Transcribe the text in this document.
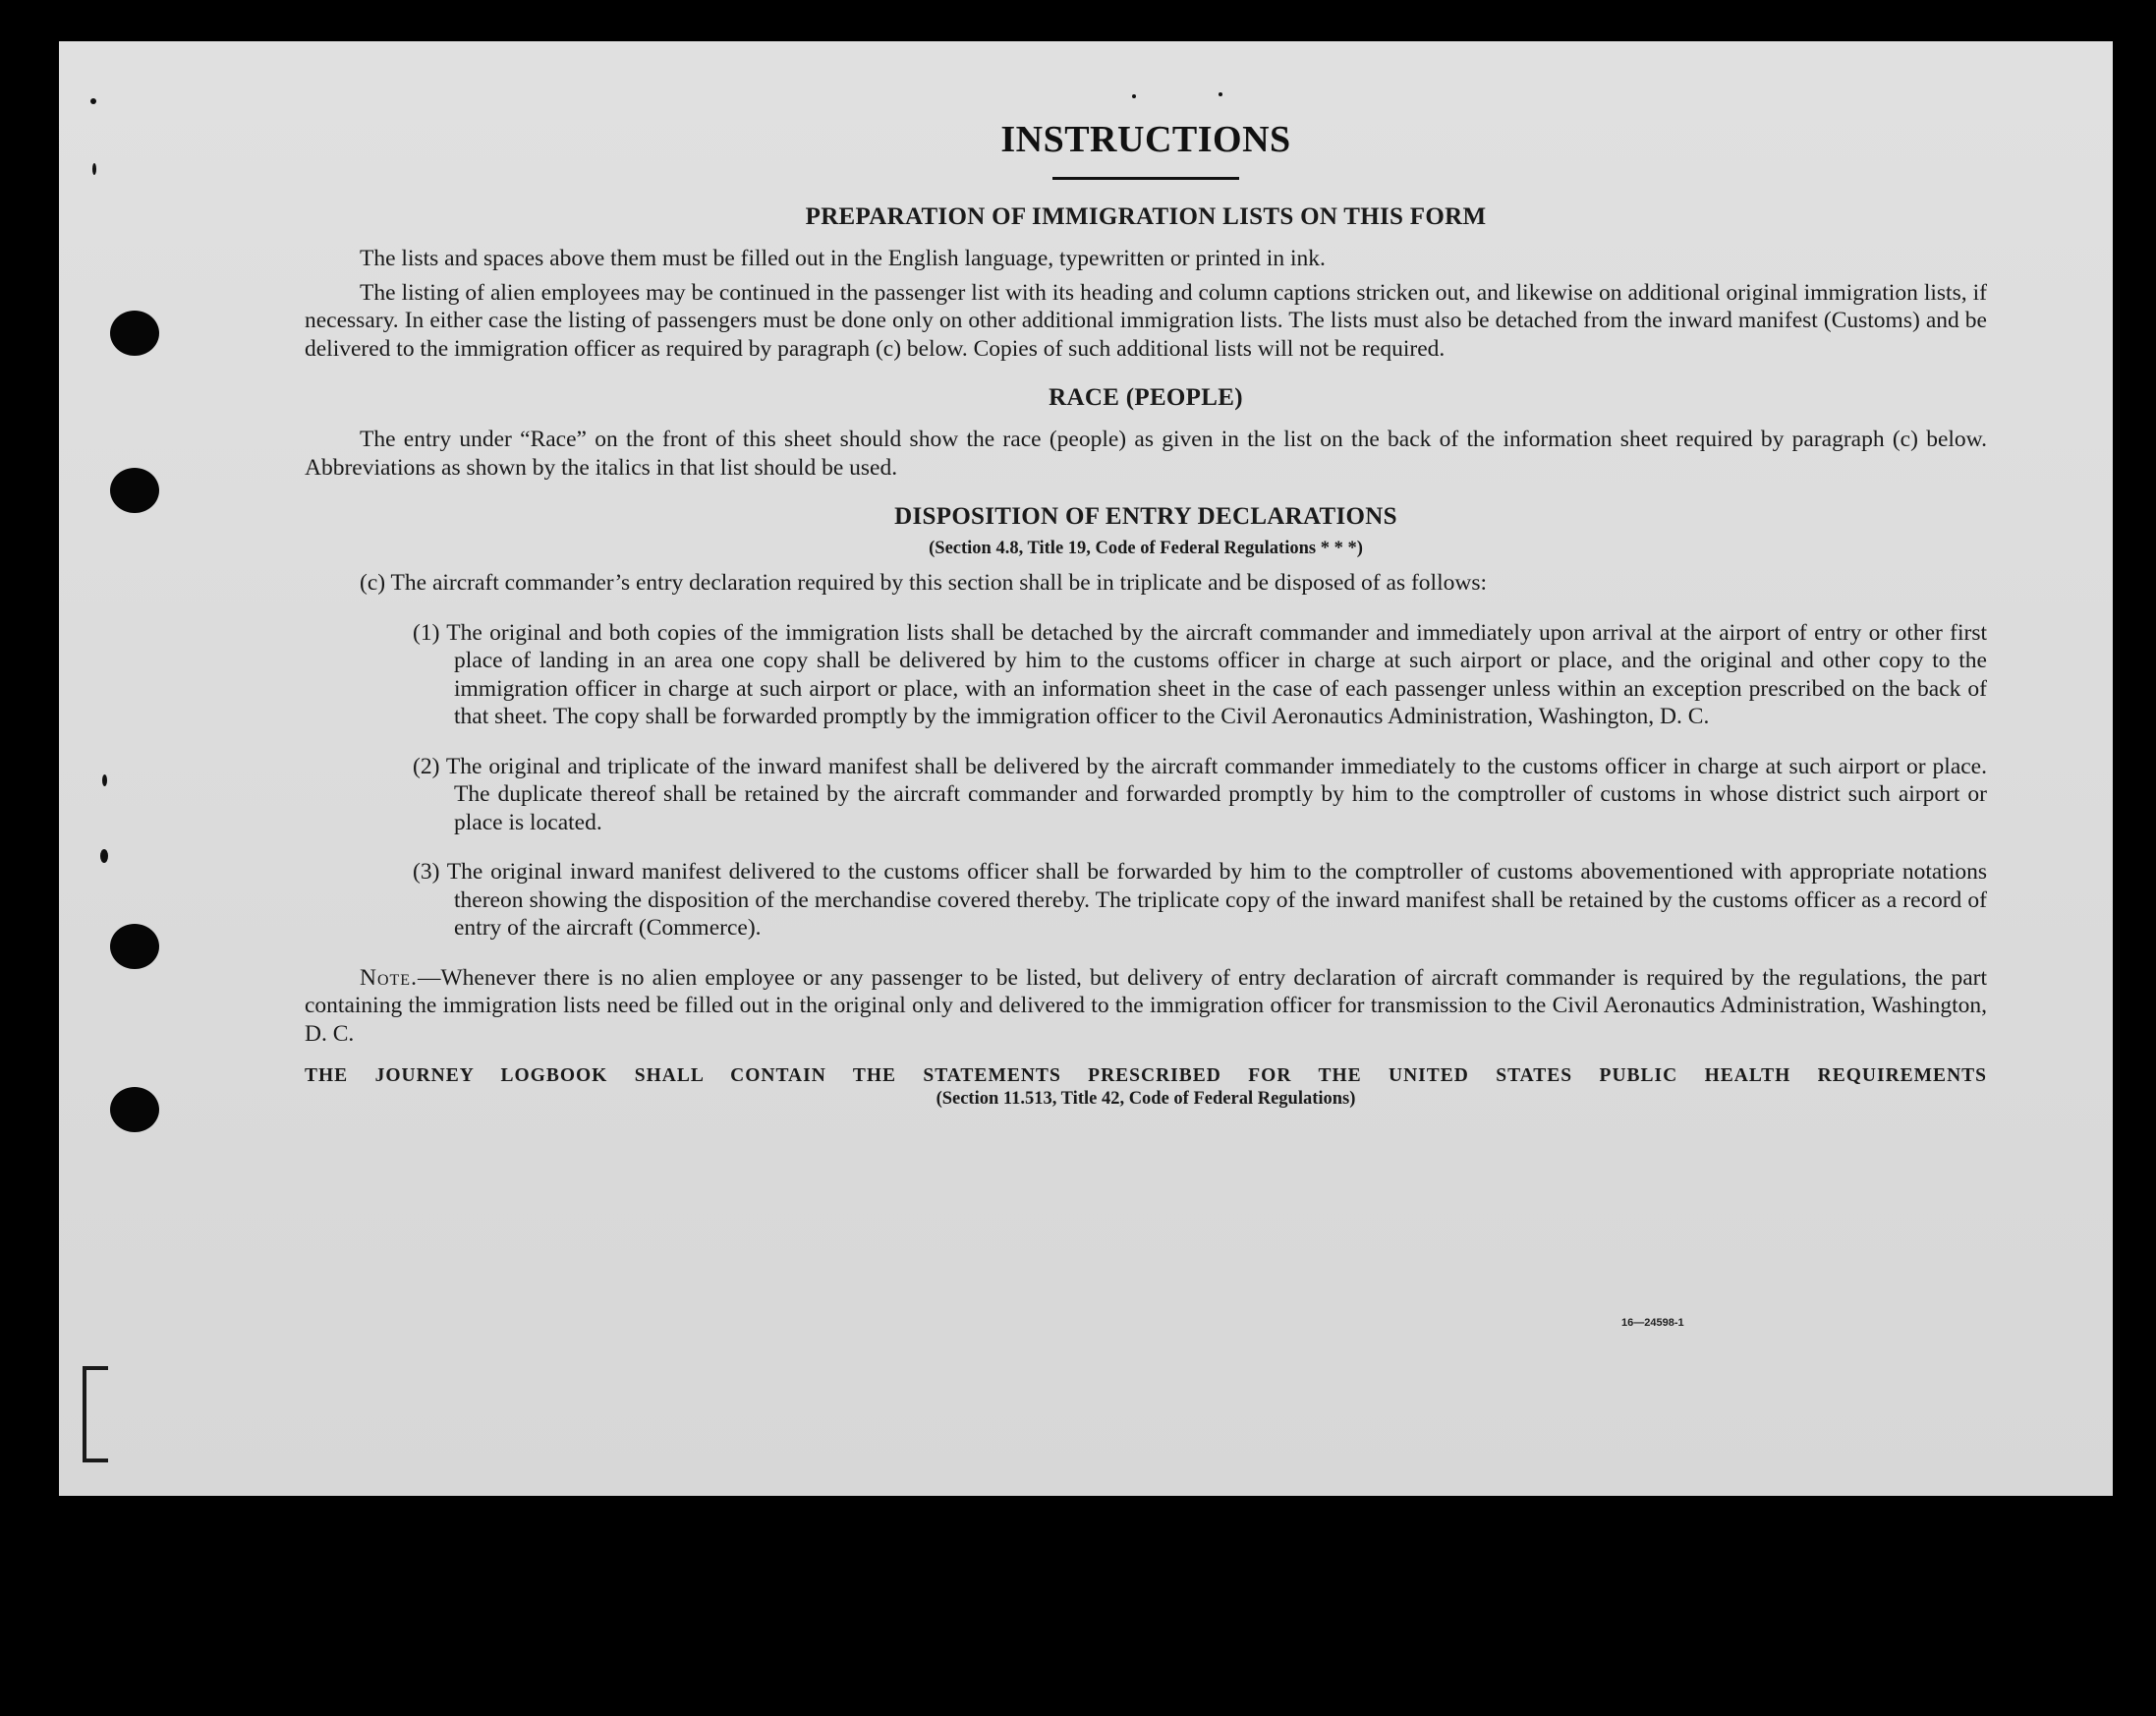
INSTRUCTIONS
PREPARATION OF IMMIGRATION LISTS ON THIS FORM

The lists and spaces above them must be filled out in the English language, typewritten or printed in ink.

The listing of alien employees may be continued in the passenger list with its heading and column captions stricken out, and likewise on additional original immigration lists, if necessary. In either case the listing of passengers must be done only on other additional immigration lists. The lists must also be detached from the inward manifest (Customs) and be delivered to the immigration officer as required by paragraph (c) below. Copies of such additional lists will not be required.

RACE (PEOPLE)

The entry under “Race” on the front of this sheet should show the race (people) as given in the list on the back of the information sheet required by paragraph (c) below. Abbreviations as shown by the italics in that list should be used.

DISPOSITION OF ENTRY DECLARATIONS
(Section 4.8, Title 19, Code of Federal Regulations * * *)

(c) The aircraft commander’s entry declaration required by this section shall be in triplicate and be disposed of as follows:

(1) The original and both copies of the immigration lists shall be detached by the aircraft commander and immediately upon arrival at the airport of entry or other first place of landing in an area one copy shall be delivered by him to the customs officer in charge at such airport or place, and the original and other copy to the immigration officer in charge at such airport or place, with an information sheet in the case of each passenger unless within an exception prescribed on the back of that sheet. The copy shall be forwarded promptly by the immigration officer to the Civil Aeronautics Administration, Washington, D. C.

(2) The original and triplicate of the inward manifest shall be delivered by the aircraft commander immediately to the customs officer in charge at such airport or place. The duplicate thereof shall be retained by the aircraft commander and forwarded promptly by him to the comptroller of customs in whose district such airport or place is located.

(3) The original inward manifest delivered to the customs officer shall be forwarded by him to the comptroller of customs abovementioned with appropriate notations thereon showing the disposition of the merchandise covered thereby. The triplicate copy of the inward manifest shall be retained by the customs officer as a record of entry of the aircraft (Commerce).

Note.—Whenever there is no alien employee or any passenger to be listed, but delivery of entry declaration of aircraft commander is required by the regulations, the part containing the immigration lists need be filled out in the original only and delivered to the immigration officer for transmission to the Civil Aeronautics Administration, Washington, D. C.

THE JOURNEY LOGBOOK SHALL CONTAIN THE STATEMENTS PRESCRIBED FOR THE UNITED STATES PUBLIC HEALTH REQUIREMENTS
(Section 11.513, Title 42, Code of Federal Regulations)
16—24598-1
